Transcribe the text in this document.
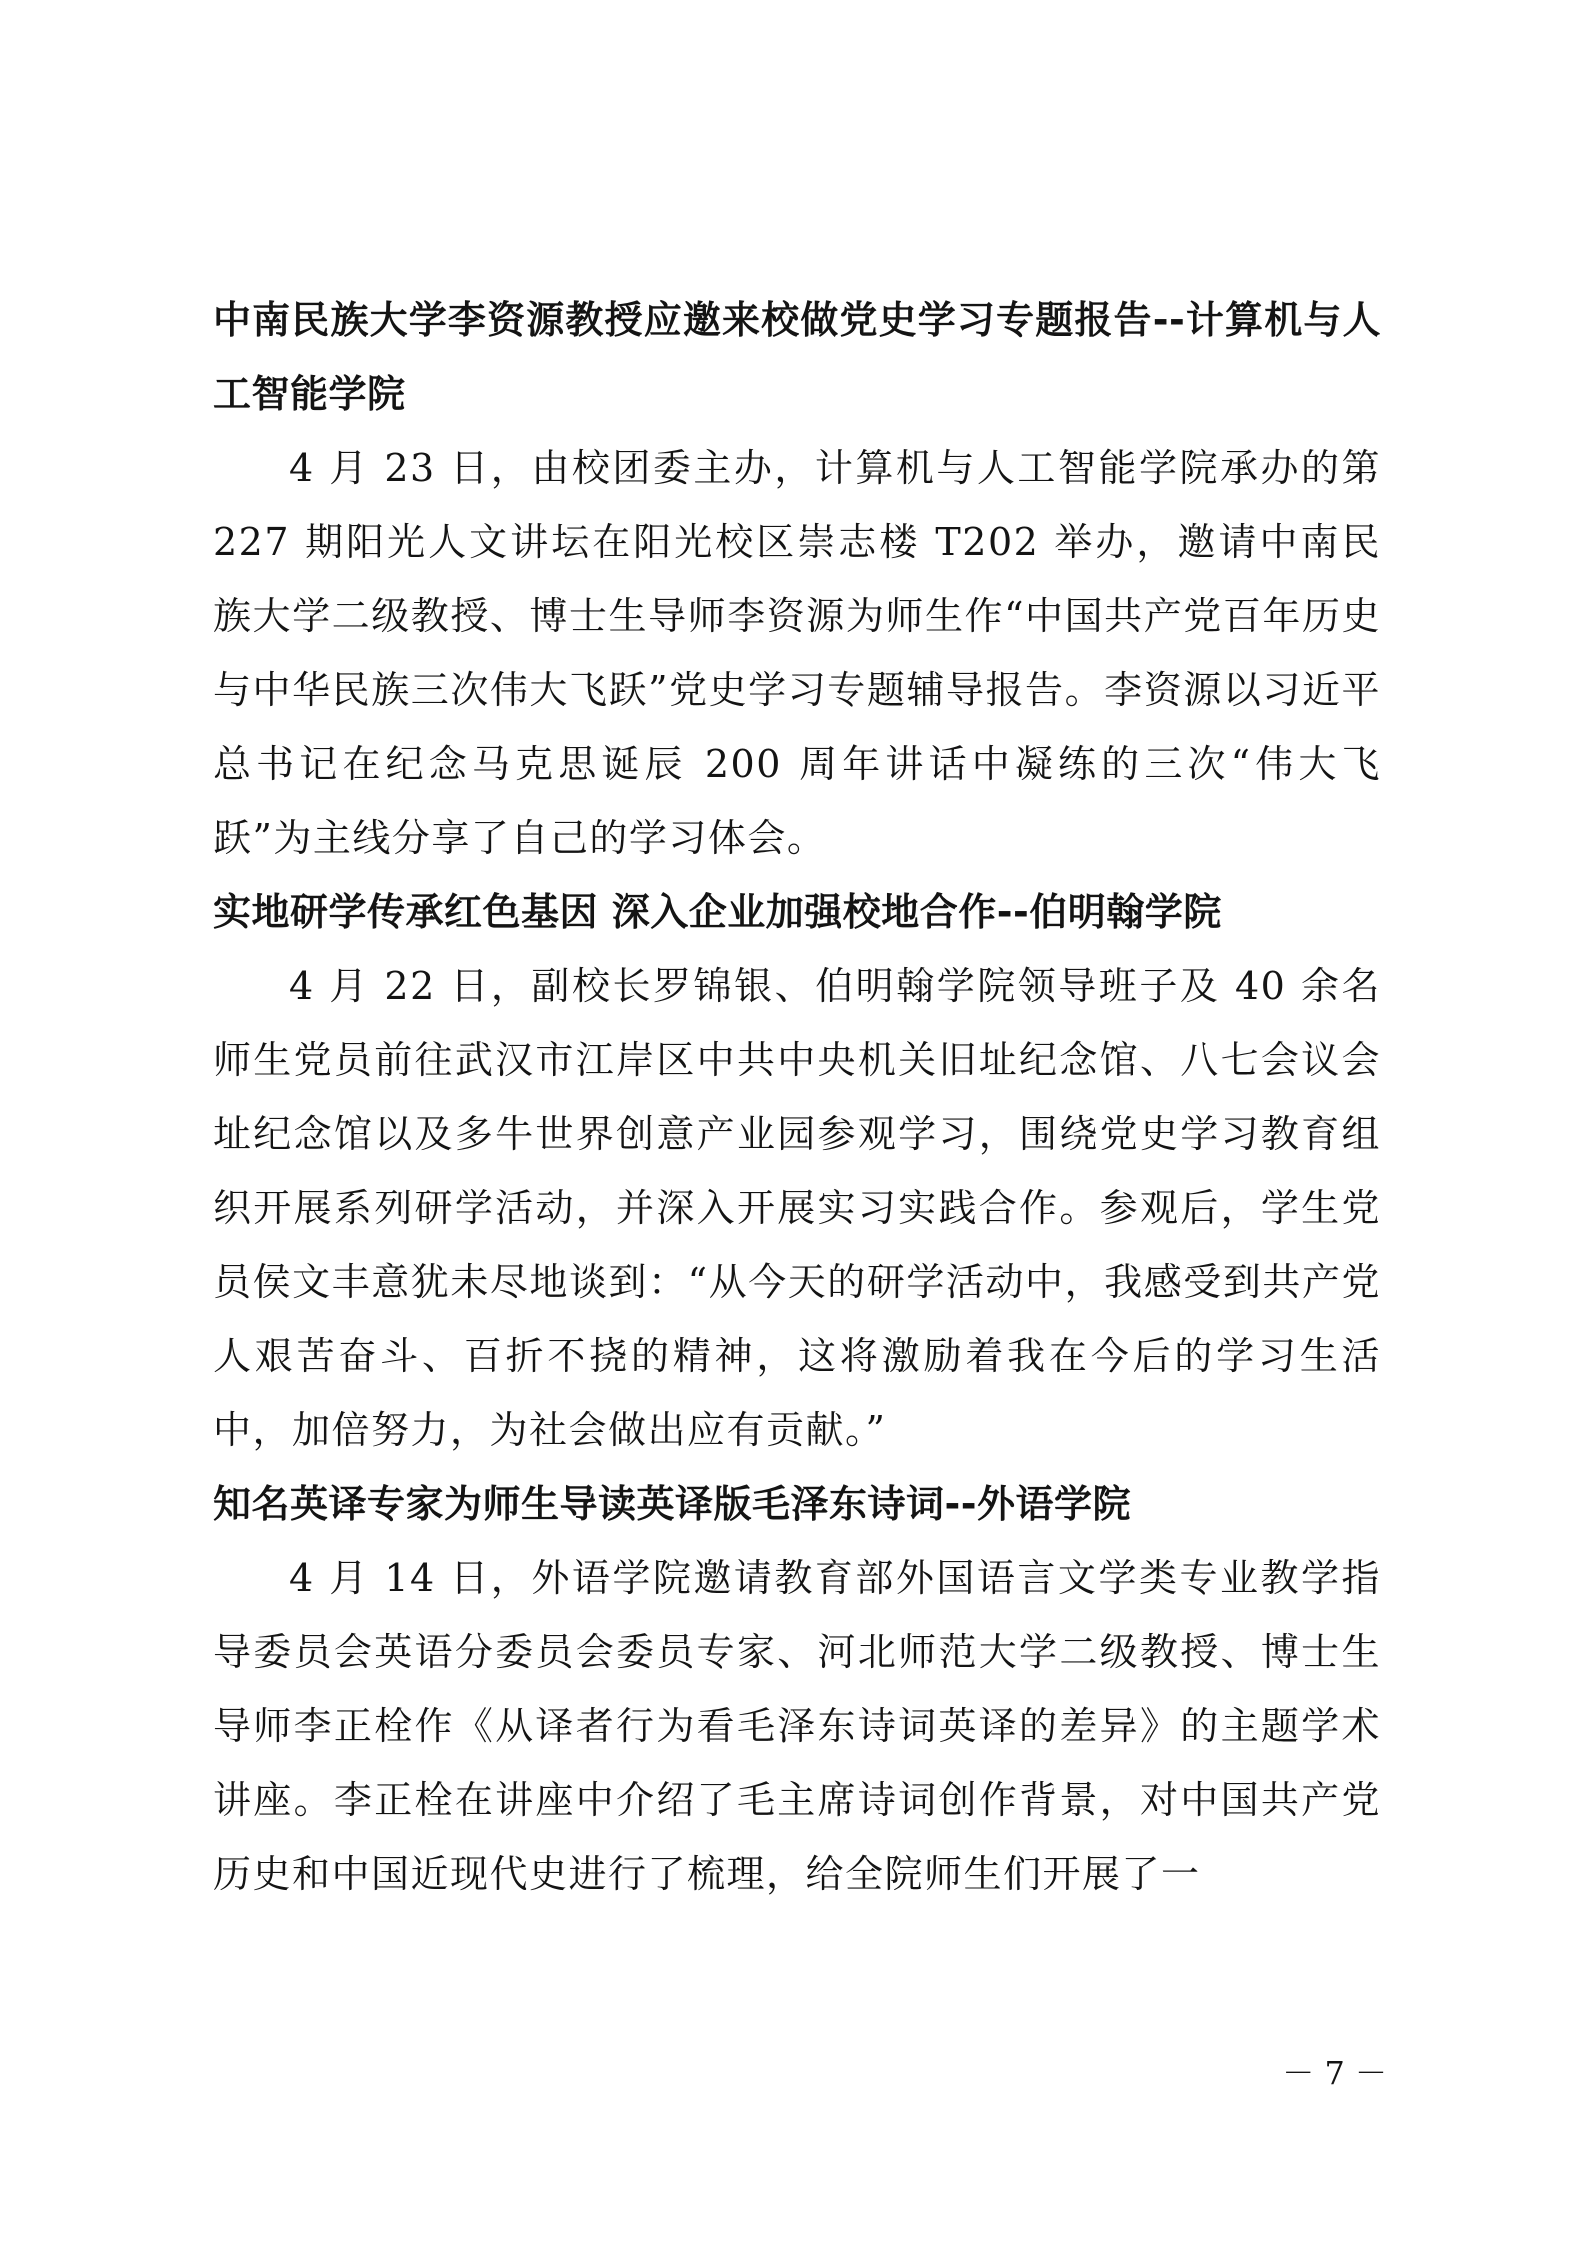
中南民族大学李资源教授应邀来校做党史学习专题报告--计算机与人工智能学院

4 月 23 日，由校团委主办，计算机与人工智能学院承办的第 227 期阳光人文讲坛在阳光校区崇志楼 T202 举办，邀请中南民族大学二级教授、博士生导师李资源为师生作“中国共产党百年历史与中华民族三次伟大飞跃”党史学习专题辅导报告。李资源以习近平总书记在纪念马克思诞辰 200 周年讲话中凝练的三次“伟大飞跃”为主线分享了自己的学习体会。

实地研学传承红色基因 深入企业加强校地合作--伯明翰学院

4 月 22 日，副校长罗锦银、伯明翰学院领导班子及 40 余名师生党员前往武汉市江岸区中共中央机关旧址纪念馆、八七会议会址纪念馆以及多牛世界创意产业园参观学习，围绕党史学习教育组织开展系列研学活动，并深入开展实习实践合作。参观后，学生党员侯文丰意犹未尽地谈到：“从今天的研学活动中，我感受到共产党人艰苦奋斗、百折不挠的精神，这将激励着我在今后的学习生活中，加倍努力，为社会做出应有贡献。”

知名英译专家为师生导读英译版毛泽东诗词--外语学院

4 月 14 日，外语学院邀请教育部外国语言文学类专业教学指导委员会英语分委员会委员专家、河北师范大学二级教授、博士生导师李正栓作《从译者行为看毛泽东诗词英译的差异》的主题学术讲座。李正栓在讲座中介绍了毛主席诗词创作背景，对中国共产党历史和中国近现代史进行了梳理，给全院师生们开展了一

－ 7 －
